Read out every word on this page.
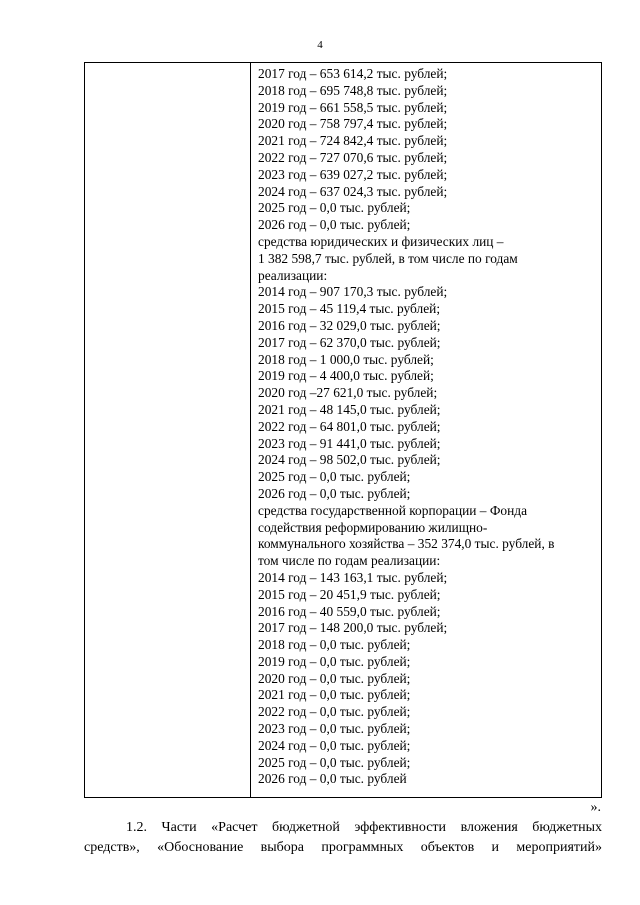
4
2017 год – 653 614,2 тыс. рублей;
2018 год – 695 748,8 тыс. рублей;
2019 год – 661 558,5 тыс. рублей;
2020 год – 758 797,4 тыс. рублей;
2021 год – 724 842,4 тыс. рублей;
2022 год – 727 070,6 тыс. рублей;
2023 год – 639 027,2 тыс. рублей;
2024 год – 637 024,3 тыс. рублей;
2025 год – 0,0 тыс. рублей;
2026 год – 0,0 тыс. рублей;
средства юридических и физических лиц –
1 382 598,7 тыс. рублей, в том числе по годам
реализации:
2014 год – 907 170,3 тыс. рублей;
2015 год – 45 119,4 тыс. рублей;
2016 год – 32 029,0 тыс. рублей;
2017 год – 62 370,0 тыс. рублей;
2018 год – 1 000,0 тыс. рублей;
2019 год – 4 400,0 тыс. рублей;
2020 год –27 621,0 тыс. рублей;
2021 год – 48 145,0 тыс. рублей;
2022 год – 64 801,0 тыс. рублей;
2023 год – 91 441,0 тыс. рублей;
2024 год – 98 502,0 тыс. рублей;
2025 год – 0,0 тыс. рублей;
2026 год – 0,0 тыс. рублей;
средства государственной корпорации – Фонда
содействия реформированию жилищно-
коммунального хозяйства – 352 374,0 тыс. рублей, в
том числе по годам реализации:
2014 год – 143 163,1 тыс. рублей;
2015 год – 20 451,9 тыс. рублей;
2016 год – 40 559,0 тыс. рублей;
2017 год – 148 200,0 тыс. рублей;
2018 год – 0,0 тыс. рублей;
2019 год – 0,0 тыс. рублей;
2020 год – 0,0 тыс. рублей;
2021 год – 0,0 тыс. рублей;
2022 год – 0,0 тыс. рублей;
2023 год – 0,0 тыс. рублей;
2024 год – 0,0 тыс. рублей;
2025 год – 0,0 тыс. рублей;
2026 год – 0,0 тыс. рублей
».
1.2. Части «Расчет бюджетной эффективности вложения бюджетных
средств», «Обоснование выбора программных объектов и мероприятий»
